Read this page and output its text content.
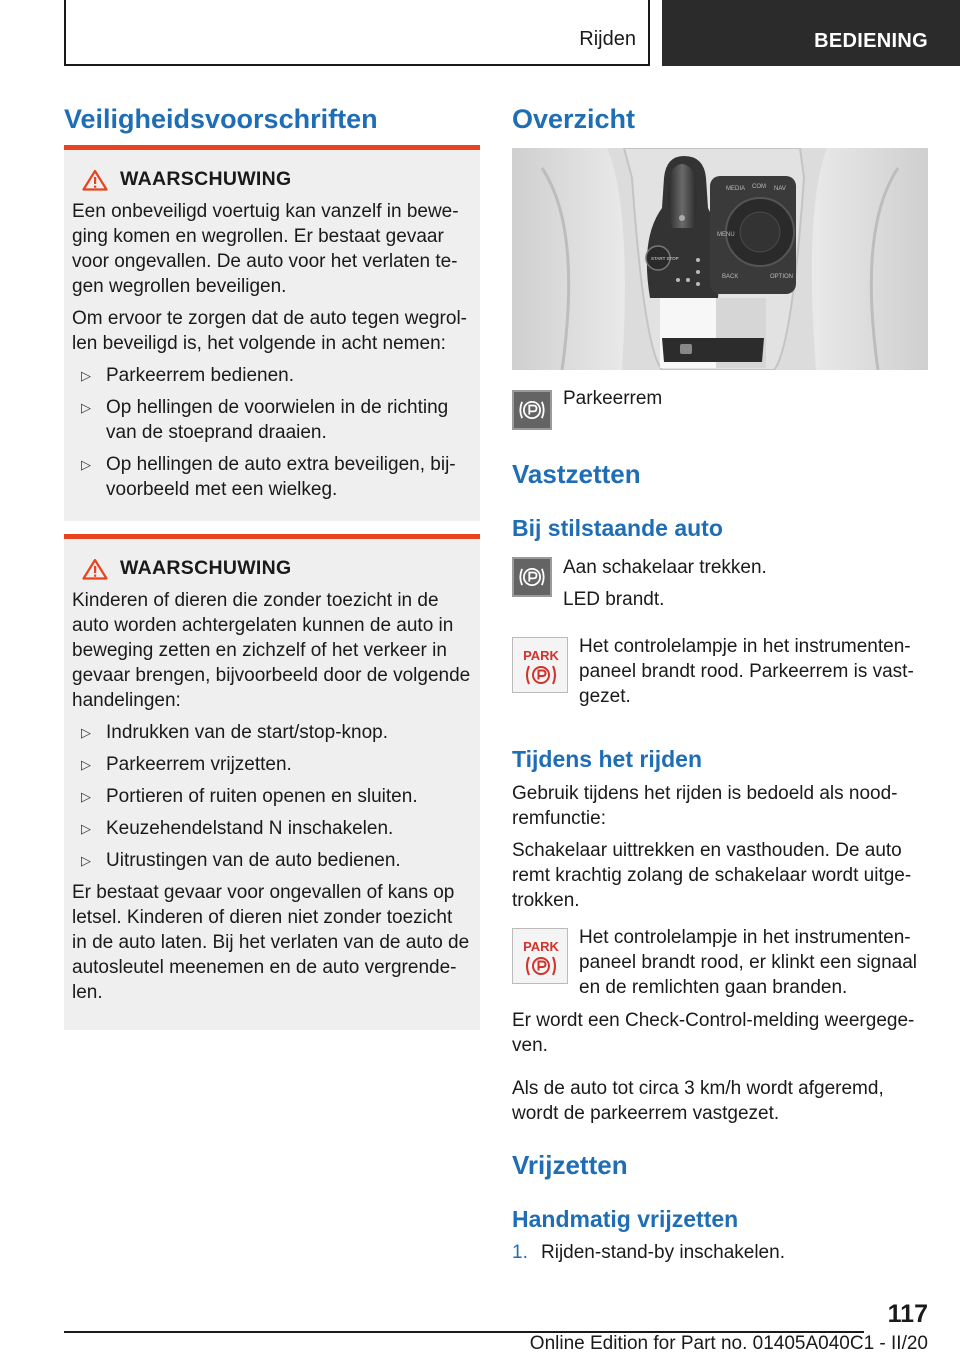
Rijden	BEDIENING
Veiligheidsvoorschriften
WAARSCHUWING

Een onbeveiligd voertuig kan vanzelf in bewe-ging komen en wegrollen. Er bestaat gevaar voor ongevallen. De auto voor het verlaten te-gen wegrollen beveiligen.

Om ervoor te zorgen dat de auto tegen wegrol-len beveiligd is, het volgende in acht nemen:

▷ Parkeerrem bedienen.
▷ Op hellingen de voorwielen in de richting van de stoeprand draaien.
▷ Op hellingen de auto extra beveiligen, bij-voorbeeld met een wielkeg.
WAARSCHUWING

Kinderen of dieren die zonder toezicht in de auto worden achtergelaten kunnen de auto in beweging zetten en zichzelf of het verkeer in gevaar brengen, bijvoorbeeld door de volgende handelingen:

▷ Indrukken van de start/stop-knop.
▷ Parkeerrem vrijzetten.
▷ Portieren of ruiten openen en sluiten.
▷ Keuzehendelstand N inschakelen.
▷ Uitrustingen van de auto bedienen.

Er bestaat gevaar voor ongevallen of kans op letsel. Kinderen of dieren niet zonder toezicht in de auto laten. Bij het verlaten van de auto de autosleutel meenemen en de auto vergrende-len.

Overzicht
MEDIA COM NAV
MENU
BACK	OPTION
START STOP
Parkeerrem
Vastzetten
Bij stilstaande auto
Aan schakelaar trekken.
LED brandt.
PARK Het controlelampje in het instrumenten-paneel brandt rood. Parkeerrem is vast-gezet.
Tijdens het rijden
Gebruik tijdens het rijden is bedoeld als nood-remfunctie:
Schakelaar uittrekken en vasthouden. De auto remt krachtig zolang de schakelaar wordt uitge-trokken.
PARK Het controlelampje in het instrumenten-paneel brandt rood, er klinkt een signaal en de remlichten gaan branden.
Er wordt een Check-Control-melding weergege-ven.
Als de auto tot circa 3 km/h wordt afgeremd, wordt de parkeerrem vastgezet.
Vrijzetten
Handmatig vrijzetten
1. Rijden-stand-by inschakelen.
117
Online Edition for Part no. 01405A040C1 - II/20
